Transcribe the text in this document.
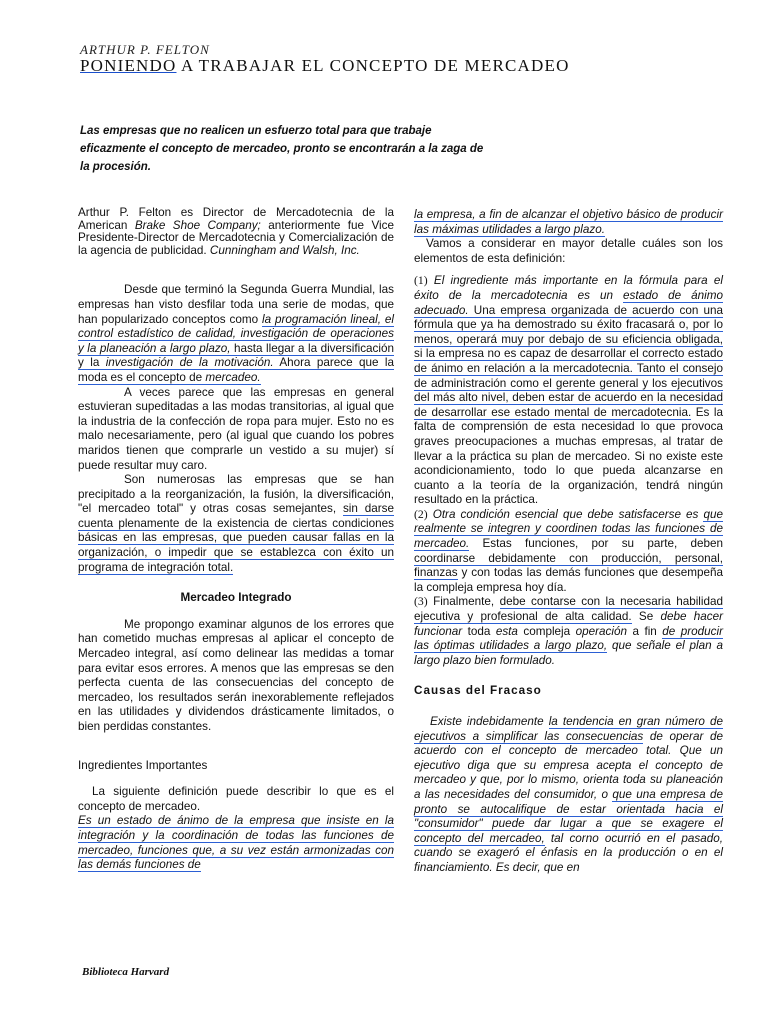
ARTHUR P. FELTON
PONIENDO A TRABAJAR EL CONCEPTO DE MERCADEO
Las empresas que no realicen un esfuerzo total para que trabaje eficazmente el concepto de mercadeo, pronto se encontrarán a la zaga de la procesión.

Arthur P. Felton es Director de Mercadotecnia de la American Brake Shoe Company; anteriormente fue Vice Presidente-Director de Mercadotecnia y Comercialización de la agencia de publicidad. Cunningham and Walsh, Inc.

Desde que terminó la Segunda Guerra Mundial, las empresas han visto desfilar toda una serie de modas, que han popularizado conceptos como la programación lineal, el control estadístico de calidad, investigación de operaciones y la planeación a largo plazo, hasta llegar a la diversificación y la investigación de la motivación. Ahora parece que la moda es el concepto de mercadeo.

A veces parece que las empresas en general estuvieran supeditadas a las modas transitorias, al igual que la industria de la confección de ropa para mujer. Esto no es malo necesariamente, pero (al igual que cuando los pobres maridos tienen que comprarle un vestido a su mujer) sí puede resultar muy caro.

Son numerosas las empresas que se han precipitado a la reorganización, la fusión, la diversificación, "el mercadeo total" y otras cosas semejantes, sin darse cuenta plenamente de la existencia de ciertas condiciones básicas en las empresas, que pueden causar fallas en la organización, o impedir que se establezca con éxito un programa de integración total.

Mercadeo Integrado

Me propongo examinar algunos de los errores que han cometido muchas empresas al aplicar el concepto de Mercadeo integral, así como delinear las medidas a tomar para evitar esos errores. A menos que las empresas se den perfecta cuenta de las consecuencias del concepto de mercadeo, los resultados serán inexorablemente reflejados en las utilidades y dividendos drásticamente limitados, o bien perdidas constantes.

Ingredientes Importantes

La siguiente definición puede describir lo que es el concepto de mercadeo.

Es un estado de ánimo de la empresa que insiste en la integración y la coordinación de todas las funciones de mercadeo, funciones que, a su vez están armonizadas con las demás funciones de

la empresa, a fin de alcanzar el objetivo básico de producir las máximas utilidades a largo plazo.

Vamos a considerar en mayor detalle cuáles son los elementos de esta definición:

(1) El ingrediente más importante en la fórmula para el éxito de la mercadotecnia es un estado de ánimo adecuado. Una empresa organizada de acuerdo con una fórmula que ya ha demostrado su éxito fracasará o, por lo menos, operará muy por debajo de su eficiencia obligada, si la empresa no es capaz de desarrollar el correcto estado de ánimo en relación a la mercadotecnia. Tanto el consejo de administración como el gerente general y los ejecutivos del más alto nivel, deben estar de acuerdo en la necesidad de desarrollar ese estado mental de mercadotecnia. Es la falta de comprensión de esta necesidad lo que provoca graves preocupaciones a muchas empresas, al tratar de llevar a la práctica su plan de mercadeo. Si no existe este acondicionamiento, todo lo que pueda alcanzarse en cuanto a la teoría de la organización, tendrá ningún resultado en la práctica.

(2) Otra condición esencial que debe satisfacerse es que realmente se integren y coordinen todas las funciones de mercadeo. Estas funciones, por su parte, deben coordinarse debidamente con producción, personal, finanzas y con todas las demás funciones que desempeña la compleja empresa hoy día.

(3) Finalmente, debe contarse con la necesaria habilidad ejecutiva y profesional de alta calidad. Se debe hacer funcionar toda esta compleja operación a fin de producir las óptimas utilidades a largo plazo, que señale el plan a largo plazo bien formulado.

Causas del Fracaso

Existe indebidamente la tendencia en gran número de ejecutivos a simplificar las consecuencias de operar de acuerdo con el concepto de mercadeo total. Que un ejecutivo diga que su empresa acepta el concepto de mercadeo y que, por lo mismo, orienta toda su planeación a las necesidades del consumidor, o que una empresa de pronto se autocalifique de estar orientada hacia el "consumidor" puede dar lugar a que se exagere el concepto del mercadeo, tal corno ocurrió en el pasado, cuando se exageró el énfasis en la producción o en el financiamiento. Es decir, que en

Biblioteca Harvard
